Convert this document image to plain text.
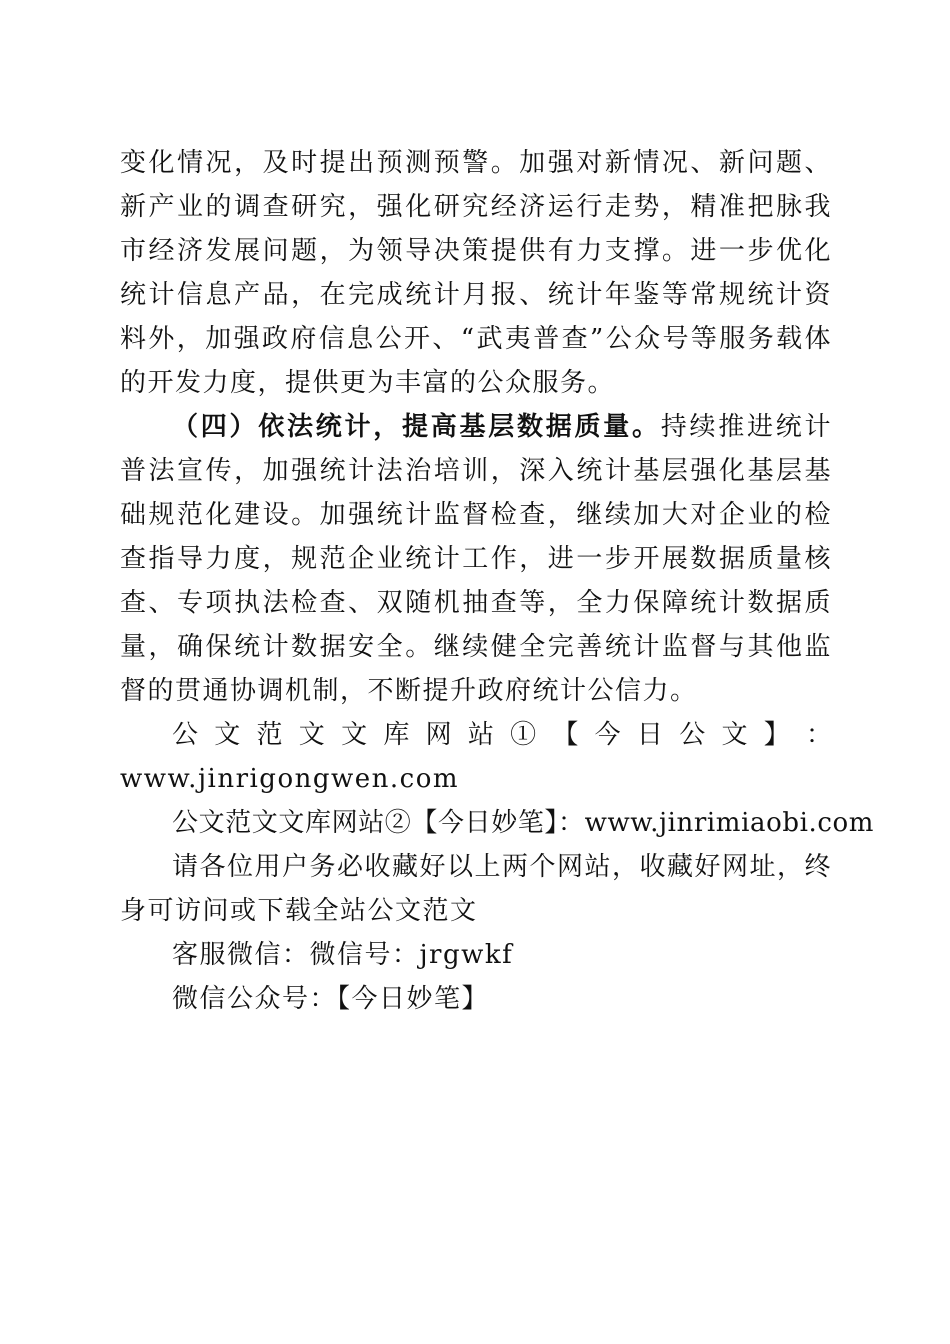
变化情况，及时提出预测预警。加强对新情况、新问题、新产业的调查研究，强化研究经济运行走势，精准把脉我市经济发展问题，为领导决策提供有力支撑。进一步优化统计信息产品，在完成统计月报、统计年鉴等常规统计资料外，加强政府信息公开、“武夷普查”公众号等服务载体的开发力度，提供更为丰富的公众服务。

（四）依法统计，提高基层数据质量。持续推进统计普法宣传，加强统计法治培训，深入统计基层强化基层基础规范化建设。加强统计监督检查，继续加大对企业的检查指导力度，规范企业统计工作，进一步开展数据质量核查、专项执法检查、双随机抽查等，全力保障统计数据质量，确保统计数据安全。继续健全完善统计监督与其他监督的贯通协调机制，不断提升政府统计公信力。

公 文 范 文 文 库 网 站 ① 【 今 日 公 文 】 ：

www.jinrigongwen.com

公文范文文库网站②【今日妙笔】：www.jinrimiaobi.com

请各位用户务必收藏好以上两个网站，收藏好网址，终身可访问或下载全站公文范文

客服微信：微信号：jrgwkf

微信公众号：【今日妙笔】
